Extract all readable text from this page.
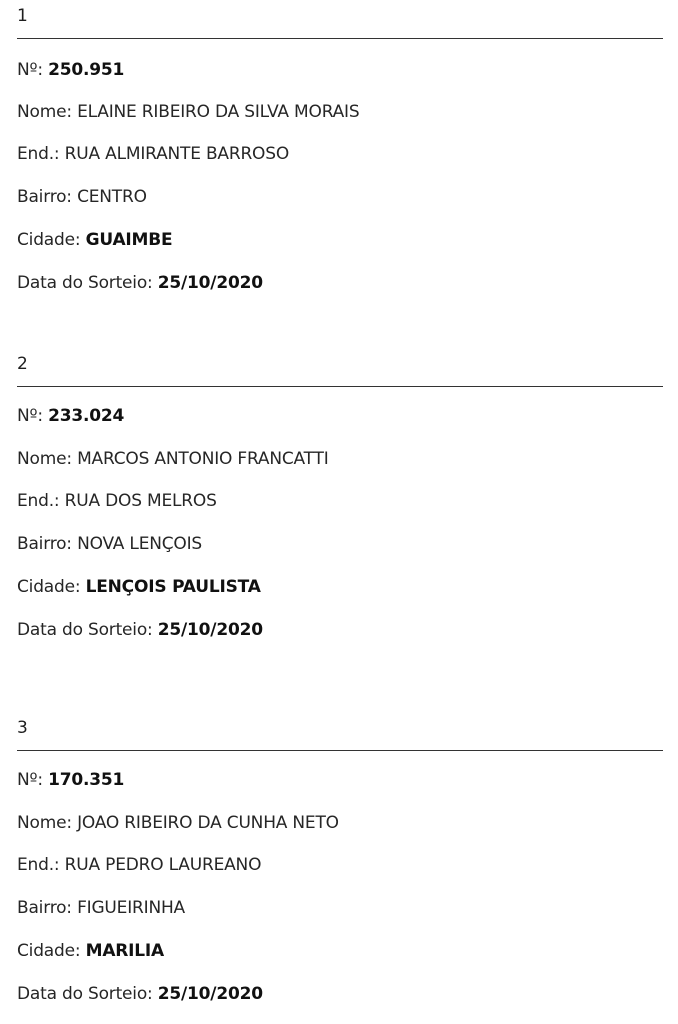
1
Nº: 250.951
Nome: ELAINE RIBEIRO DA SILVA MORAIS
End.: RUA ALMIRANTE BARROSO
Bairro: CENTRO
Cidade: GUAIMBE
Data do Sorteio: 25/10/2020
2
Nº: 233.024
Nome: MARCOS ANTONIO FRANCATTI
End.: RUA DOS MELROS
Bairro: NOVA LENÇOIS
Cidade: LENÇOIS PAULISTA
Data do Sorteio: 25/10/2020
3
Nº: 170.351
Nome: JOAO RIBEIRO DA CUNHA NETO
End.: RUA PEDRO LAUREANO
Bairro: FIGUEIRINHA
Cidade: MARILIA
Data do Sorteio: 25/10/2020
